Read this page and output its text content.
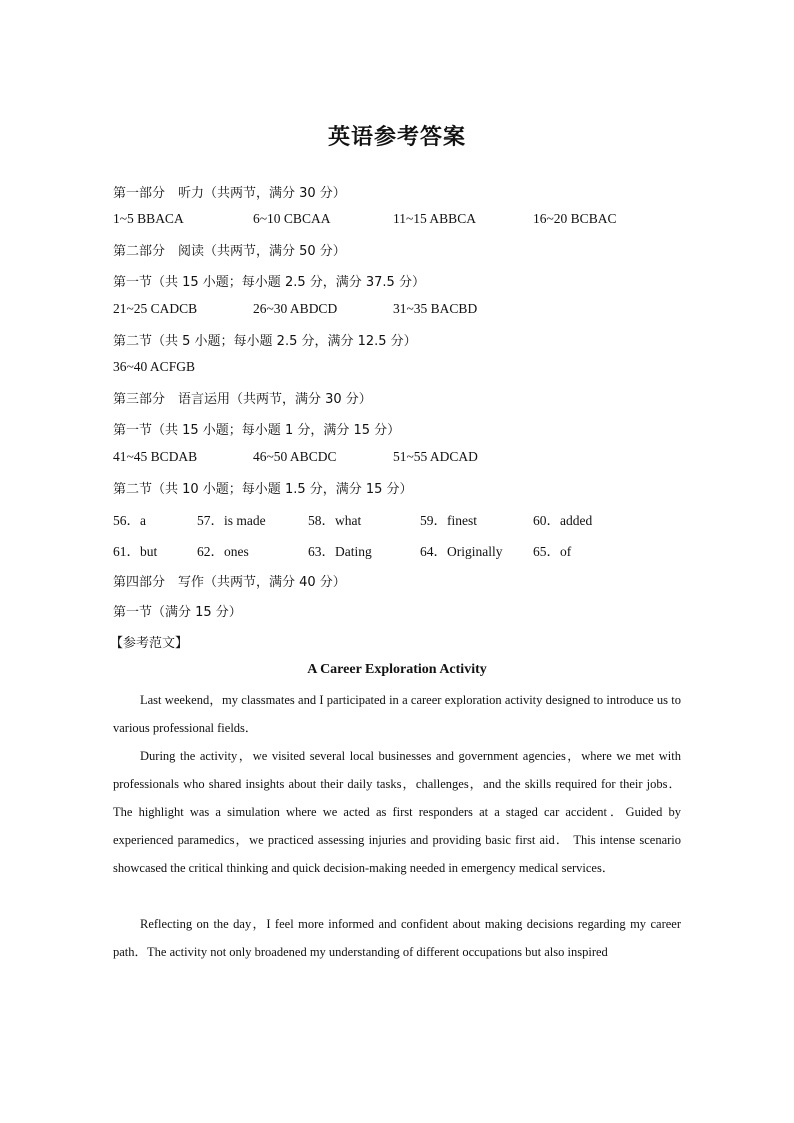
英语参考答案
第一部分　听力（共两节，满分 30 分）
1~5 BBACA	6~10 CBCAA	11~15 ABBCA	16~20 BCBAC
第二部分　阅读（共两节，满分 50 分）
第一节（共 15 小题；每小题 2.5 分，满分 37.5 分）
21~25 CADCB	26~30 ABDCD	31~35 BACBD
第二节（共 5 小题；每小题 2.5 分，满分 12.5 分）
36~40 ACFGB
第三部分　语言运用（共两节，满分 30 分）
第一节（共 15 小题；每小题 1 分，满分 15 分）
41~45 BCDAB	46~50 ABCDC	51~55 ADCAD
第二节（共 10 小题；每小题 1.5 分，满分 15 分）
56．a	57．is made	58．what	59．finest	60．added
61．but	62．ones	63．Dating	64．Originally 65．of
第四部分　写作（共两节，满分 40 分）
第一节（满分 15 分）
【参考范文】
A Career Exploration Activity
Last weekend，my classmates and I participated in a career exploration activity designed to introduce us to various professional fields．
During the activity，we visited several local businesses and government agencies，where we met with professionals who shared insights about their daily tasks，challenges，and the skills required for their jobs． The highlight was a simulation where we acted as first responders at a staged car accident．Guided by experienced paramedics，we practiced assessing injuries and providing basic first aid． This intense scenario showcased the critical thinking and quick decision-making needed in emergency medical services．
Reflecting on the day，I feel more informed and confident about making decisions regarding my career path．The activity not only broadened my understanding of different occupations but also inspired
